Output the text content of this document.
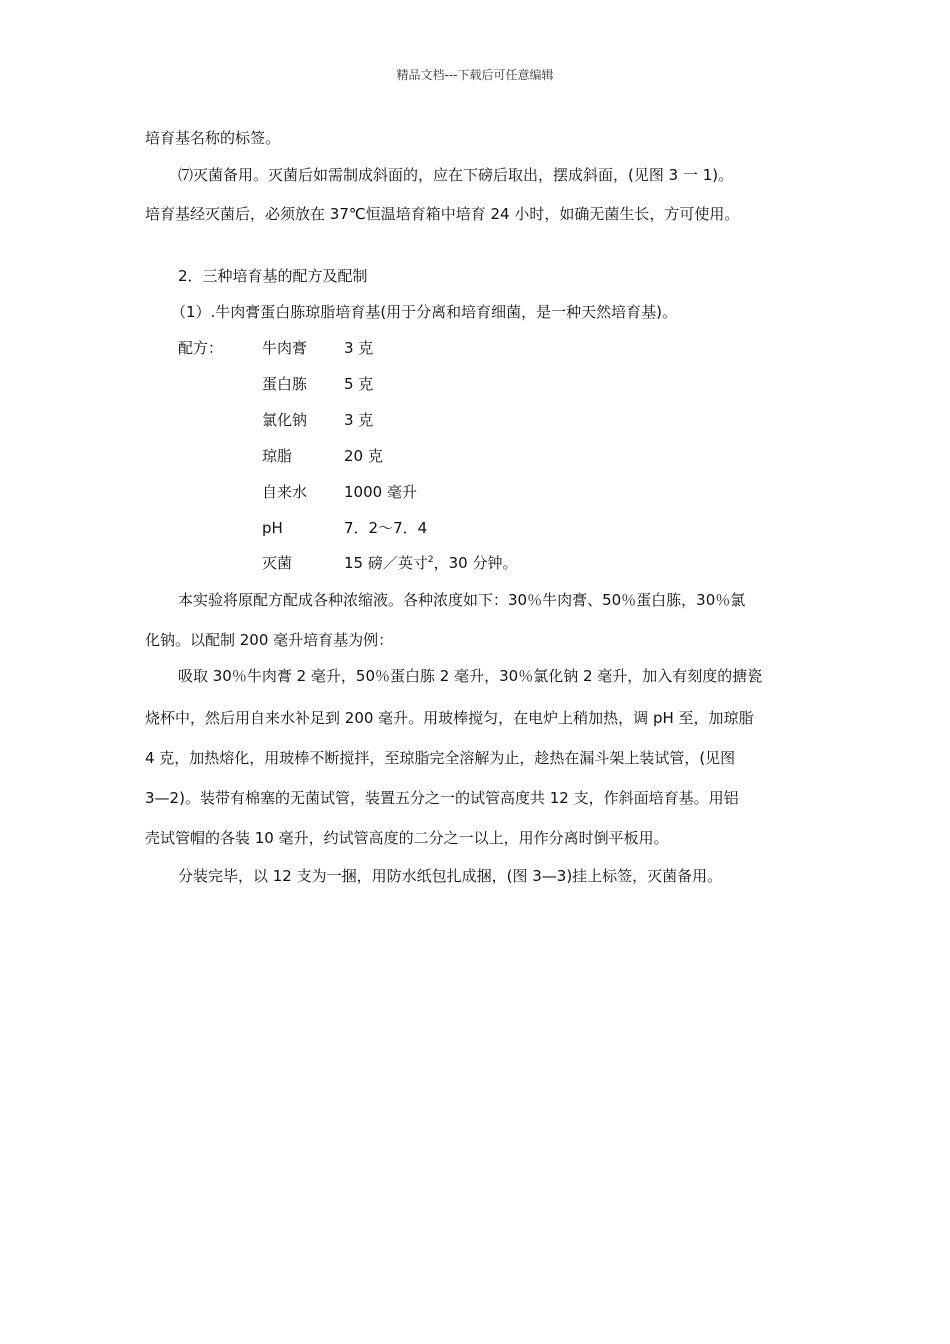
精品文档---下载后可任意编辑
培育基名称的标签。
⑺灭菌备用。灭菌后如需制成斜面的，应在下磅后取出，摆成斜面，(见图 3 一 1)。
培育基经灭菌后，必须放在 37℃恒温培育箱中培育 24 小时，如确无菌生长，方可使用。
2．三种培育基的配方及配制
（1）.牛肉膏蛋白胨琼脂培育基(用于分离和培育细菌，是一种天然培育基)。
配方：	牛肉膏 3 克
蛋白胨 5 克
氯化钠 3 克
琼脂	20 克
自来水 1000 毫升
pH	7．2～7．4
灭菌	15 磅／英寸$^2$，30 分钟。
本实验将原配方配成各种浓缩液。各种浓度如下：30％牛肉膏、50％蛋白胨，30％氯
化钠。以配制 200 毫升培育基为例：
吸取 30％牛肉膏 2 毫升，50％蛋白胨 2 毫升，30％氯化钠 2 毫升，加入有刻度的搪瓷
烧杯中，然后用自来水补足到 200 毫升。用玻棒搅匀，在电炉上稍加热，调 pH 至，加琼脂
4 克，加热熔化，用玻棒不断搅拌，至琼脂完全溶解为止，趁热在漏斗架上装试管，(见图
3—2)。装带有棉塞的无菌试管，装置五分之一的试管高度共 12 支，作斜面培育基。用铝
壳试管帽的各装 10 毫升，约试管高度的二分之一以上，用作分离时倒平板用。
分装完毕，以 12 支为一捆，用防水纸包扎成捆，(图 3—3)挂上标签，灭菌备用。
